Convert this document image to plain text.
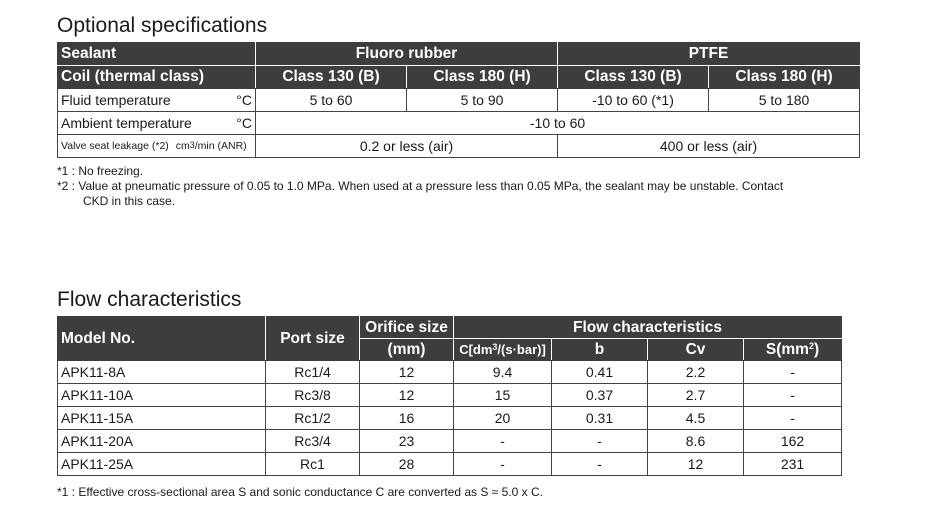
Optional specifications
Sealant	Fluoro rubber		PTFE	
Coil (thermal class)	Class 130 (B)	Class 180 (H)	Class 130 (B)	Class 180 (H)
Fluid temperature °C	5 to 60	5 to 90	-10 to 60 (*1)	5 to 180
Ambient temperature °C	-10 to 60			
Valve seat leakage (*2) $cm^3/\min$ (ANR)	0.2 or less (air)		400 or less (air)	
*1 : No freezing.
*2 : Value at pneumatic pressure of 0.05 to 1.0 MPa. When used at a pressure less than 0.05 MPa, the sealant may be unstable. Contact
CKD in this case.
Flow characteristics
Model No.	Port size	Orifice size	Flow characteristics			
		(mm)	$C[dm^3/(s\cdot bar)]$	b	Cv	$S(mm^2)$
APK11-8A	Rc1/4	12	9.4	0.41	2.2	-
APK11-10A	Rc3/8	12	15	0.37	2.7	-
APK11-15A	Rc1/2	16	20	0.31	4.5	-
APK11-20A	Rc3/4	23	-	-	8.6	162
APK11-25A	Rc1	28	-	-	12	231
*1 : Effective cross-sectional area S and sonic conductance C are converted as S ≈ 5.0 x C.
